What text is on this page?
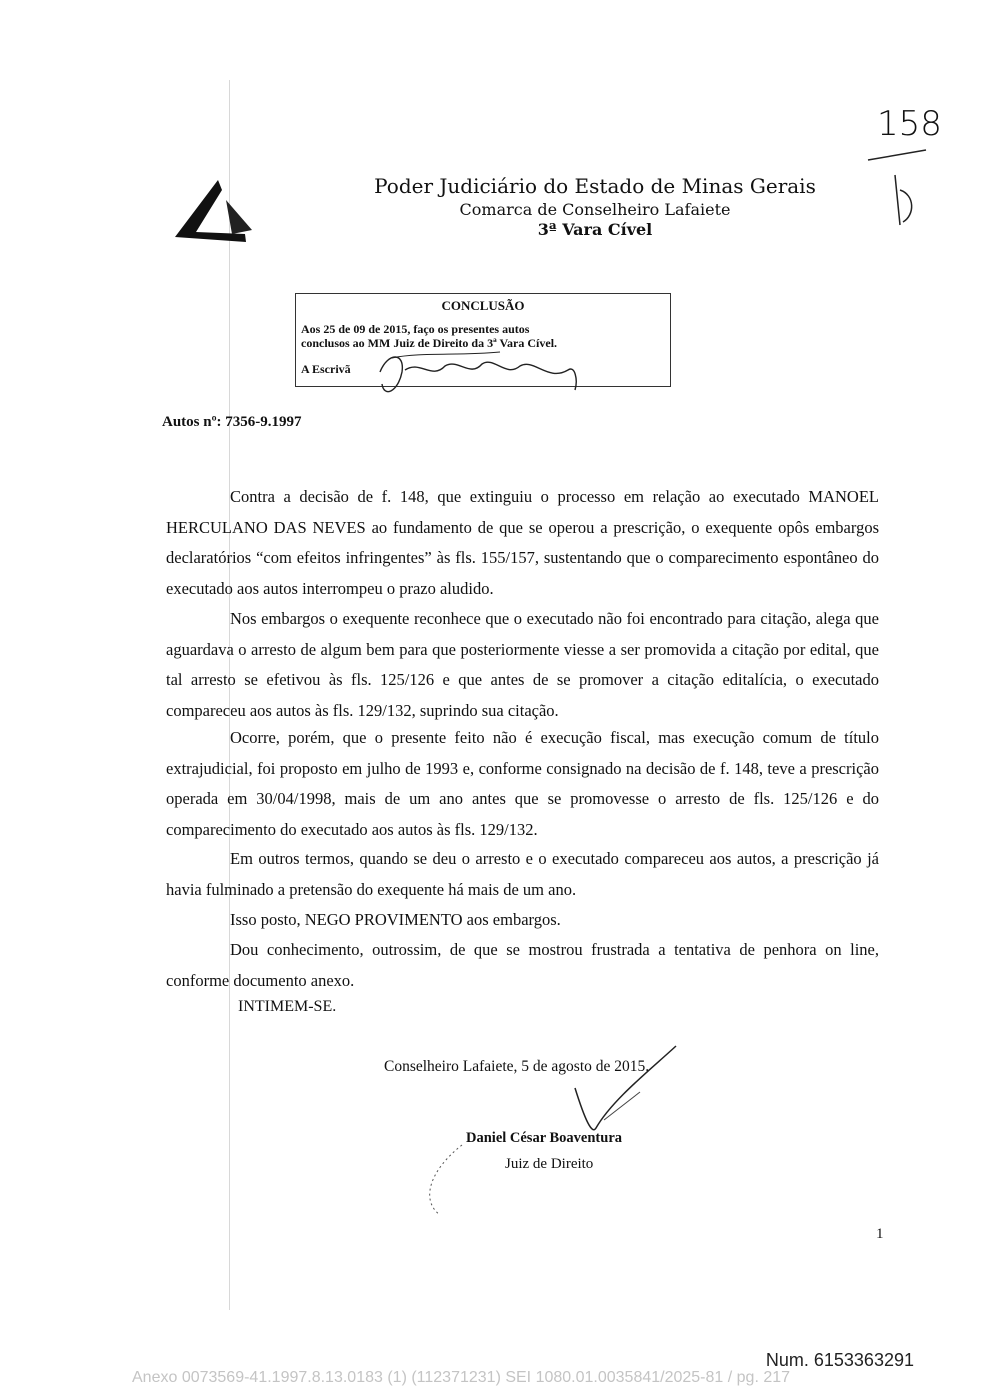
158
Poder Judiciário do Estado de Minas Gerais
Comarca de Conselheiro Lafaiete
3ª Vara Cível
CONCLUSÃO
Aos 25 de 09 de 2015, faço os presentes autos
conclusos ao MM Juiz de Direito da 3ª Vara Cível.
A Escrivã
Autos nº: 7356-9.1997

Contra a decisão de f. 148, que extinguiu o processo em relação ao executado MANOEL HERCULANO DAS NEVES ao fundamento de que se operou a prescrição, o exequente opôs embargos declaratórios “com efeitos infringentes” às fls. 155/157, sustentando que o comparecimento espontâneo do executado aos autos interrompeu o prazo aludido.

Nos embargos o exequente reconhece que o executado não foi encontrado para citação, alega que aguardava o arresto de algum bem para que posteriormente viesse a ser promovida a citação por edital, que tal arresto se efetivou às fls. 125/126 e que antes de se promover a citação editalícia, o executado compareceu aos autos às fls. 129/132, suprindo sua citação.

Ocorre, porém, que o presente feito não é execução fiscal, mas execução comum de título extrajudicial, foi proposto em julho de 1993 e, conforme consignado na decisão de f. 148, teve a prescrição operada em 30/04/1998, mais de um ano antes que se promovesse o arresto de fls. 125/126 e do comparecimento do executado aos autos às fls. 129/132.

Em outros termos, quando se deu o arresto e o executado compareceu aos autos, a prescrição já havia fulminado a pretensão do exequente há mais de um ano.

Isso posto, NEGO PROVIMENTO aos embargos.

Dou conhecimento, outrossim, de que se mostrou frustrada a tentativa de penhora on line, conforme documento anexo.

INTIMEM-SE.
Conselheiro Lafaiete, 5 de agosto de 2015.
Daniel César Boaventura
Juiz de Direito
1
Num. 6153363291
Anexo 0073569-41.1997.8.13.0183 (1) (112371231) SEI 1080.01.0035841/2025-81 / pg. 217
